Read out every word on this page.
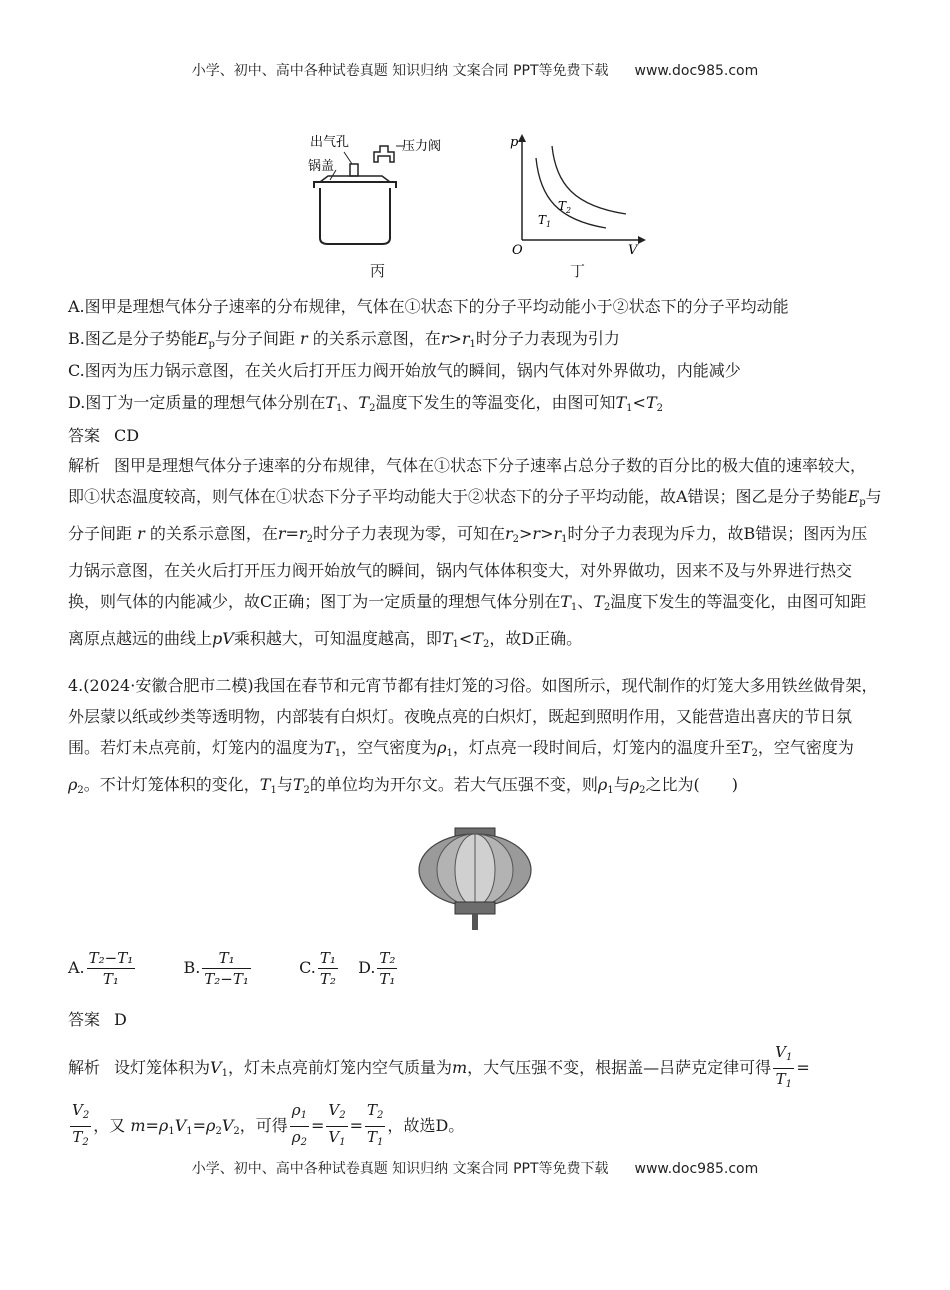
小学、初中、高中各种试卷真题 知识归纳 文案合同 PPT等免费下载 www.doc985.com
出气孔
锅盖
压力阀
丙
p
V
O
$T_1$
$T_2$
丁
A.图甲是理想气体分子速率的分布规律，气体在①状态下的分子平均动能小于②状态下的分子平均动能
B.图乙是分子势能$E_p$与分子间距 r 的关系示意图，在$r>r_1$时分子力表现为引力
C.图丙为压力锅示意图，在关火后打开压力阀开始放气的瞬间，锅内气体对外界做功，内能减少
D.图丁为一定质量的理想气体分别在$T_1$、$T_2$温度下发生的等温变化，由图可知$T_1<T_2$
答案 CD
解析 图甲是理想气体分子速率的分布规律，气体在①状态下分子速率占总分子数的百分比的极大值的速率较大，即①状态温度较高，则气体在①状态下分子平均动能大于②状态下的分子平均动能，故A错误；图乙是分子势能$E_p$与分子间距 r 的关系示意图，在$r=r_2$时分子力表现为零，可知在$r_2>r>r_1$时分子力表现为斥力，故B错误；图丙为压力锅示意图，在关火后打开压力阀开始放气的瞬间，锅内气体体积变大，对外界做功，因来不及与外界进行热交换，则气体的内能减少，故C正确；图丁为一定质量的理想气体分别在$T_1$、$T_2$温度下发生的等温变化，由图可知距离原点越远的曲线上pV乘积越大，可知温度越高，即$T_1<T_2$，故D正确。
4.(2024·安徽合肥市二模)我国在春节和元宵节都有挂灯笼的习俗。如图所示，现代制作的灯笼大多用铁丝做骨架，外层蒙以纸或纱类等透明物，内部装有白炽灯。夜晚点亮的白炽灯，既起到照明作用，又能营造出喜庆的节日氛围。若灯未点亮前，灯笼内的温度为$T_1$，空气密度为$\rho_1$，灯点亮一段时间后，灯笼内的温度升至$T_2$，空气密度为$\rho_2$。不计灯笼体积的变化，$T_1$与$T_2$的单位均为开尔文。若大气压强不变，则$\rho_1$与$\rho_2$之比为(　　)
A. $\frac{\text{T₂−T₁}}{\text{T₁}}$	B. $\frac{\text{T₁}}{\text{T₂−T₁}}$	C. $\frac{\text{T₁}}{\text{T₂}} D$. $\frac{\text{T₂}}{\text{T₁}}$
答案 D
解析 设灯笼体积为$V_1$，灯未点亮前灯笼内空气质量为m，大气压强不变，根据盖—吕萨克定律可得 $\frac{V_1}{T_1}$ =
$\frac{V_2}{T_2}$ ，又 $m=\rho_1V_1=\rho_2V_2$，可得 $\frac{\rho_1}{\rho_2} = \frac{V_2}{V_1} = \frac{T_2}{T_1}$ ，故选D。
小学、初中、高中各种试卷真题 知识归纳 文案合同 PPT等免费下载 www.doc985.com
